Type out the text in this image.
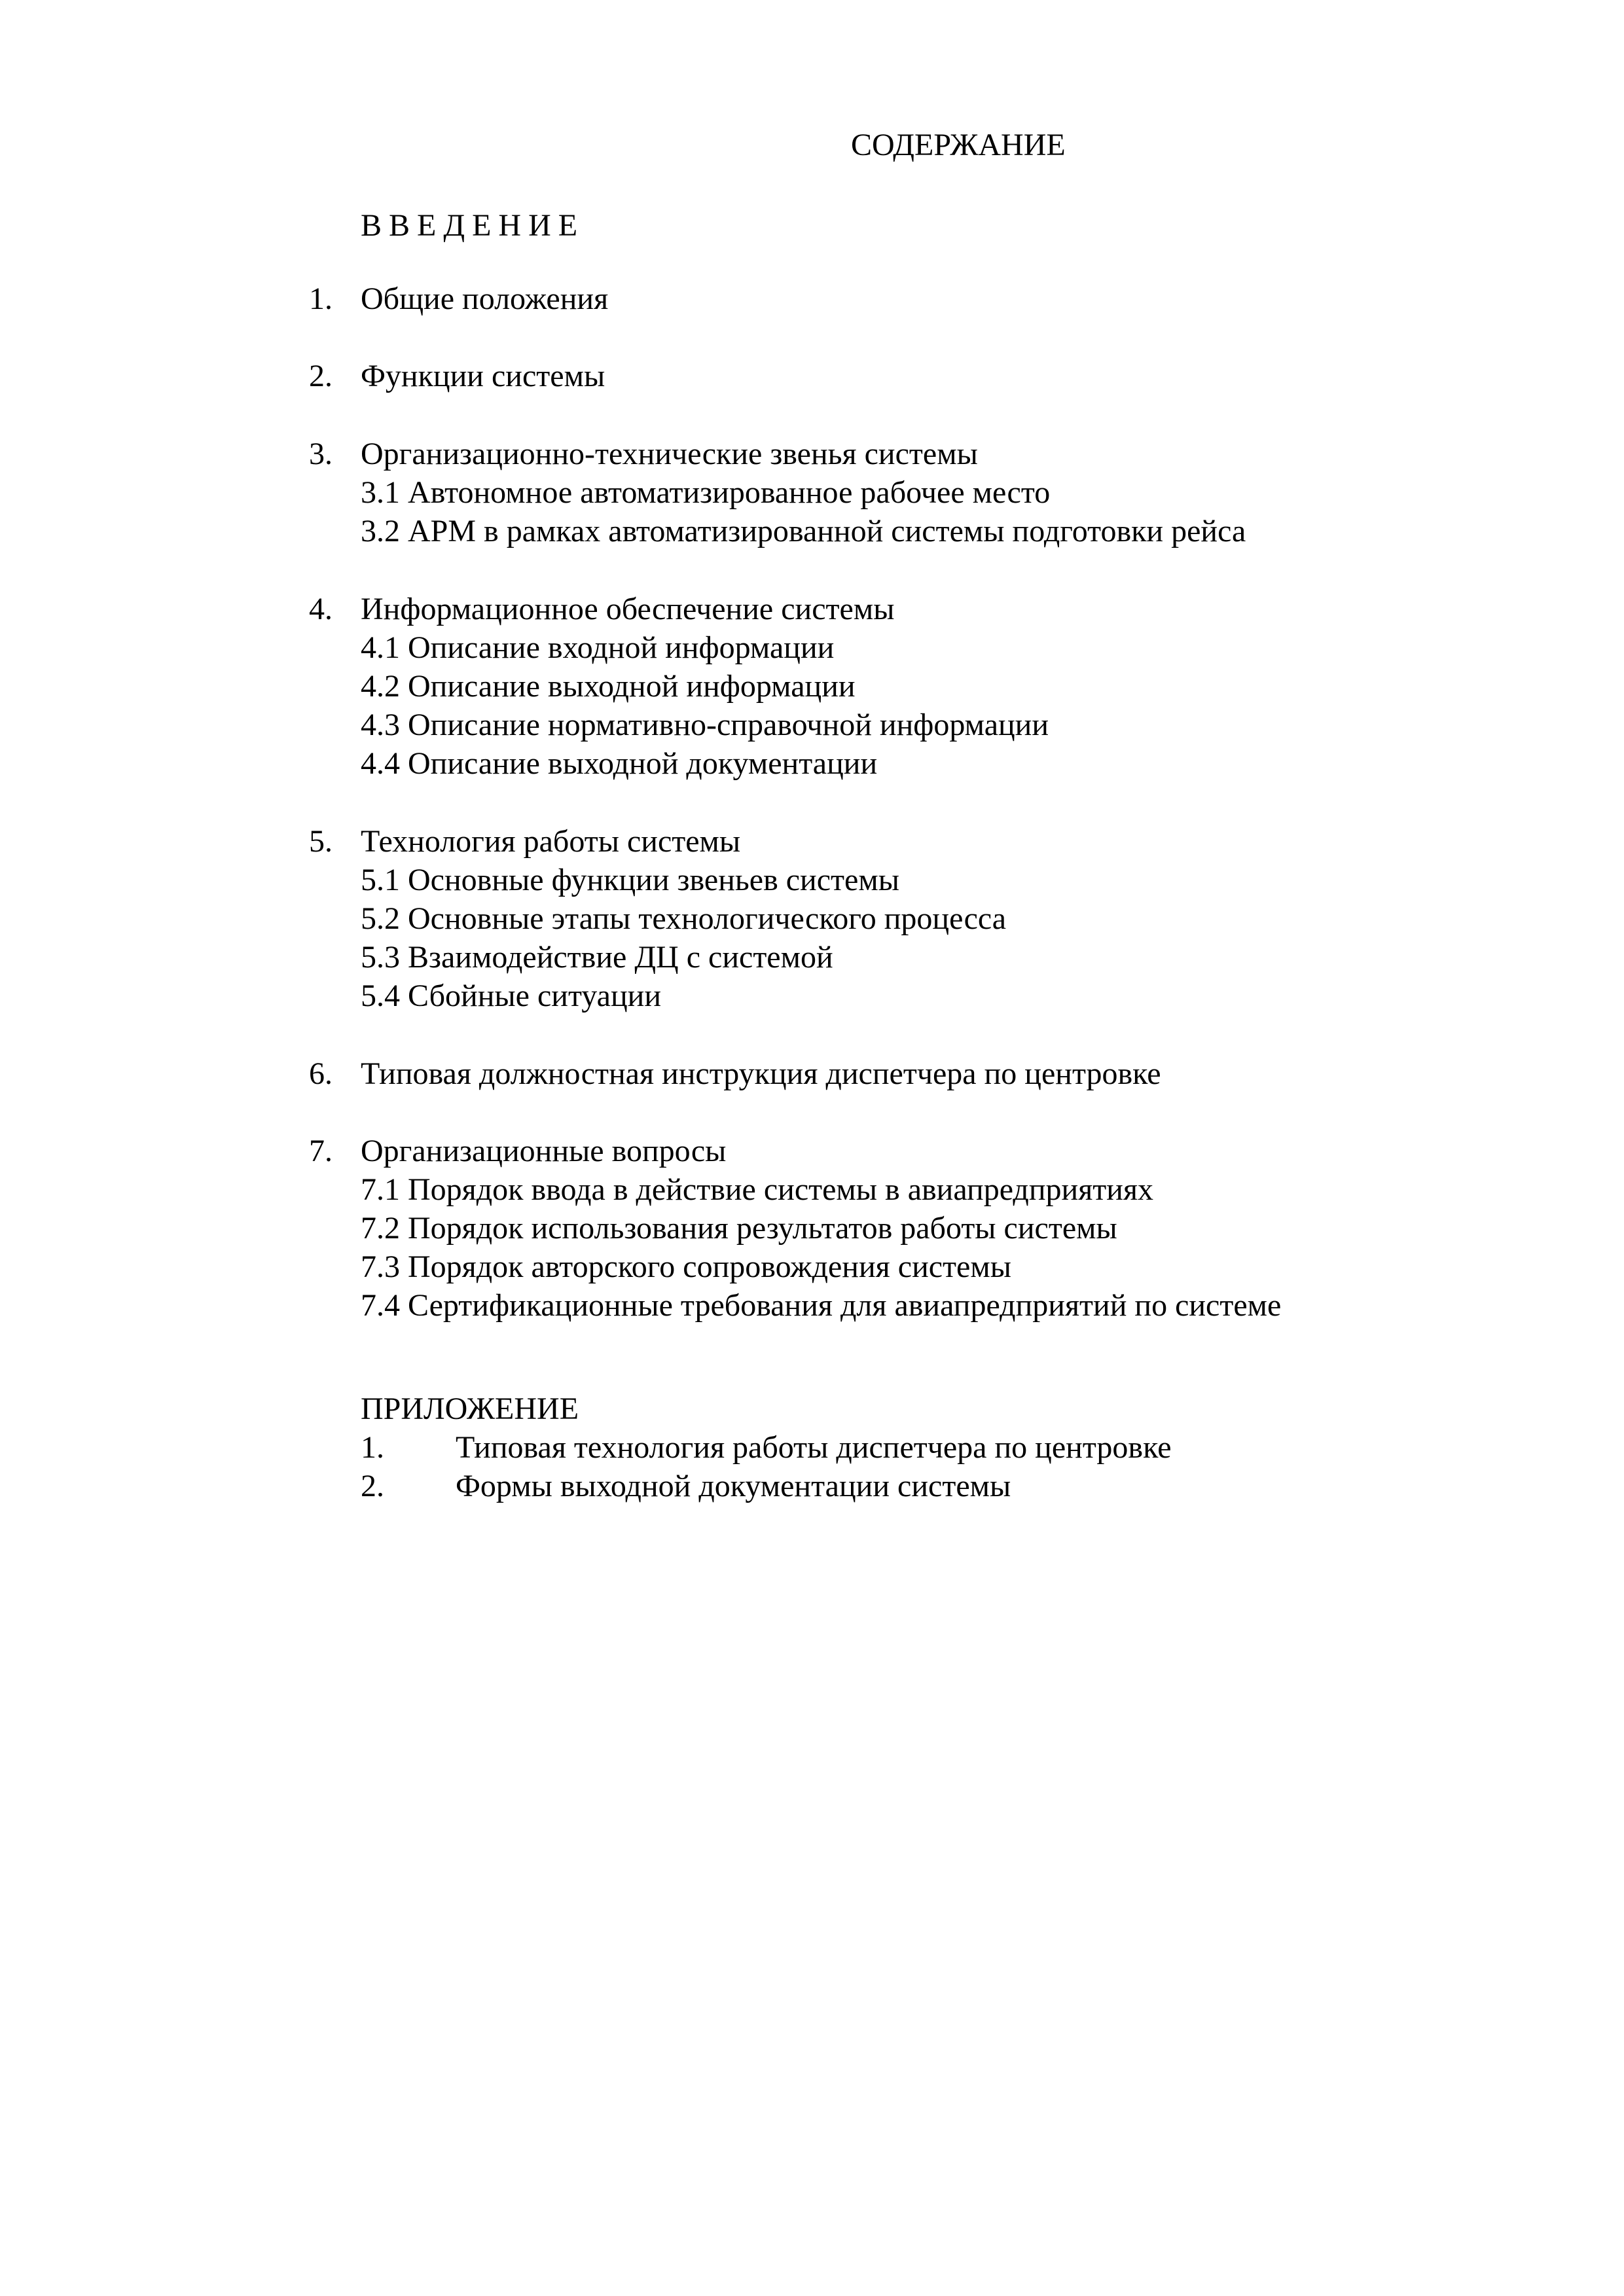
СОДЕРЖАНИЕ
ВВЕДЕНИЕ
1. Общие положения
2. Функции системы
3. Организационно-технические звенья системы
3.1 Автономное автоматизированное рабочее место
3.2 АРМ в рамках автоматизированной системы подготовки рейса
4. Информационное обеспечение системы
4.1 Описание входной информации
4.2 Описание выходной информации
4.3 Описание нормативно-справочной информации
4.4 Описание выходной документации
5. Технология работы системы
5.1 Основные функции звеньев системы
5.2 Основные этапы технологического процесса
5.3 Взаимодействие ДЦ с системой
5.4 Сбойные ситуации
6. Типовая должностная инструкция диспетчера по центровке
7. Организационные вопросы
7.1 Порядок ввода в действие системы в авиапредприятиях
7.2 Порядок использования результатов работы системы
7.3 Порядок авторского сопровождения системы
7.4 Сертификационные требования для авиапредприятий по системе
ПРИЛОЖЕНИЕ
1. Типовая технология работы диспетчера по центровке
2. Формы выходной документации системы
